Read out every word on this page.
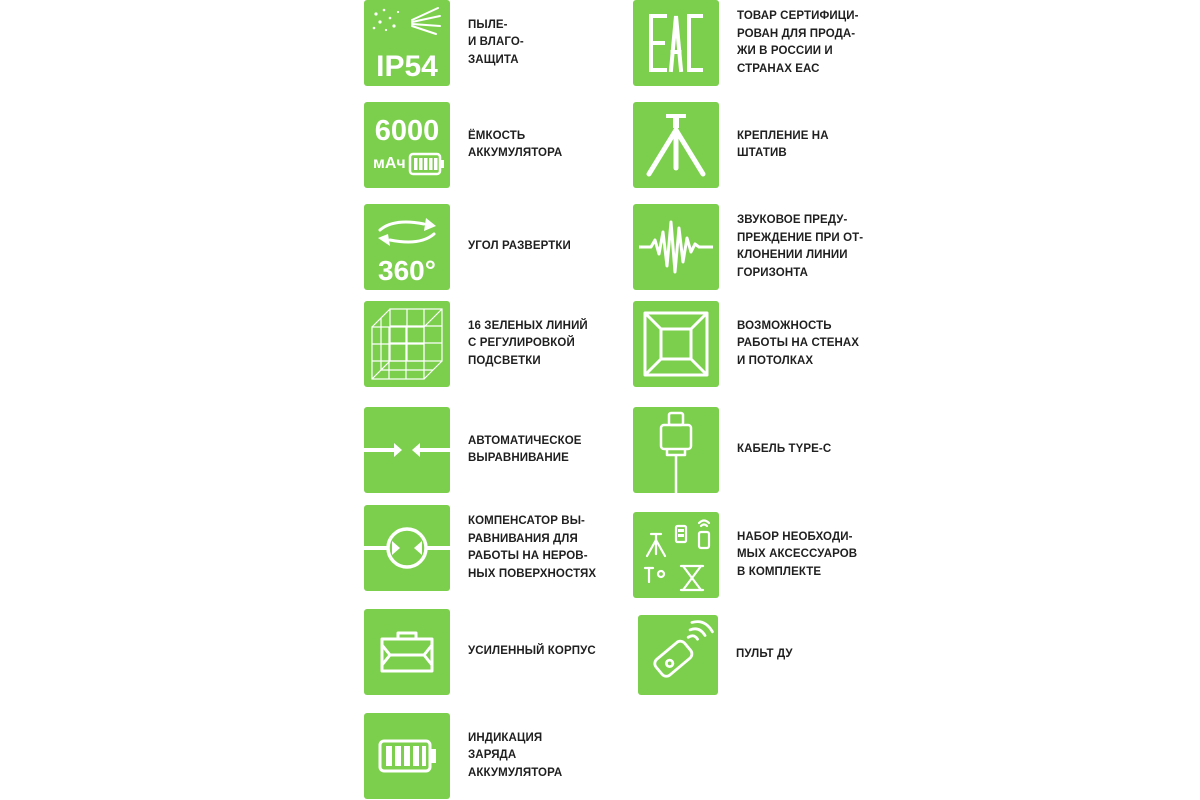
IP54
ПЫЛЕ-
И ВЛАГО-
ЗАЩИТА
6000
мАч
ЁМКОСТЬ
АККУМУЛЯТОРА
360°
УГОЛ РАЗВЕРТКИ
16 ЗЕЛЕНЫХ ЛИНИЙ
С РЕГУЛИРОВКОЙ
ПОДСВЕТКИ
АВТОМАТИЧЕСКОЕ
ВЫРАВНИВАНИЕ
КОМПЕНСАТОР ВЫ-
РАВНИВАНИЯ ДЛЯ
РАБОТЫ НА НЕРОВ-
НЫХ ПОВЕРХНОСТЯХ
УСИЛЕННЫЙ КОРПУС
ИНДИКАЦИЯ
ЗАРЯДА
АККУМУЛЯТОРА
ТОВАР СЕРТИФИЦИ-
РОВАН ДЛЯ ПРОДА-
ЖИ В РОССИИ И
СТРАНАХ ЕАС
КРЕПЛЕНИЕ НА
ШТАТИВ
ЗВУКОВОЕ ПРЕДУ-
ПРЕЖДЕНИЕ ПРИ ОТ-
КЛОНЕНИИ ЛИНИИ
ГОРИЗОНТА
ВОЗМОЖНОСТЬ
РАБОТЫ НА СТЕНАХ
И ПОТОЛКАХ
КАБЕЛЬ TYPE-C
НАБОР НЕОБХОДИ-
МЫХ АКСЕССУАРОВ
В КОМПЛЕКТЕ
ПУЛЬТ ДУ
